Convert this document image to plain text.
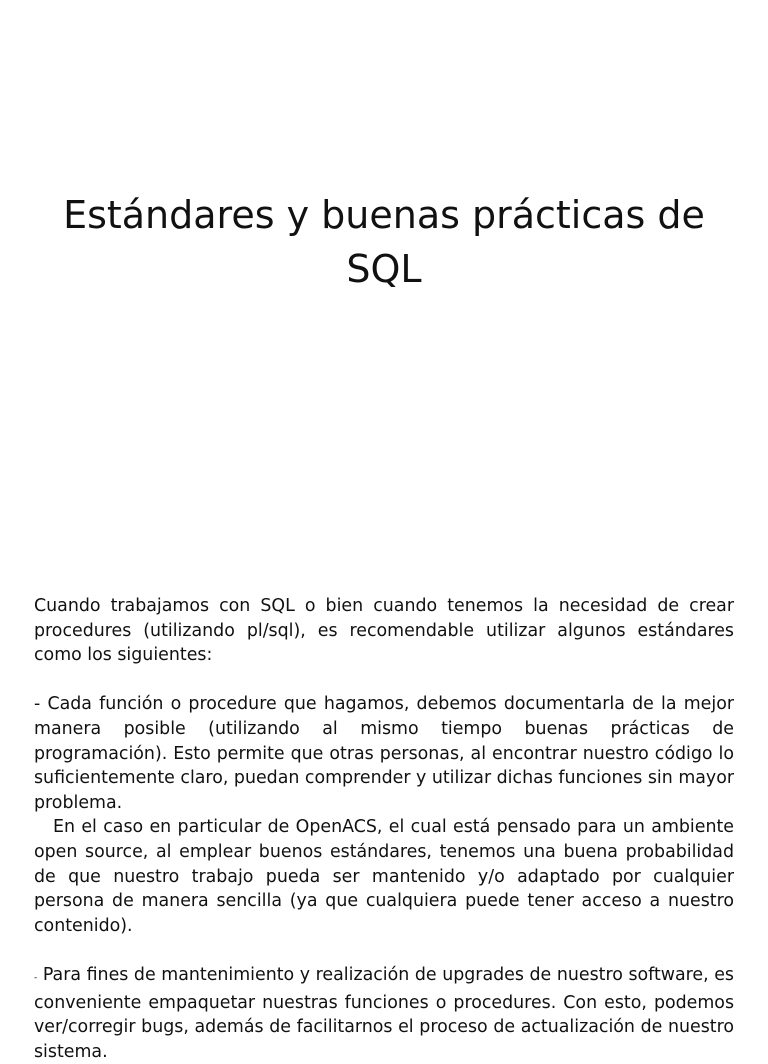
Estándares y buenas prácticas de SQL

Cuando trabajamos con SQL o bien cuando tenemos la necesidad de crear procedures (utilizando pl/sql), es recomendable utilizar algunos estándares como los siguientes:

- Cada función o procedure que hagamos, debemos documentarla de la mejor manera posible (utilizando al mismo tiempo buenas prácticas de programación). Esto permite que otras personas, al encontrar nuestro código lo suficientemente claro, puedan comprender y utilizar dichas funciones sin mayor problema.

En el caso en particular de OpenACS, el cual está pensado para un ambiente open source, al emplear buenos estándares, tenemos una buena probabilidad de que nuestro trabajo pueda ser mantenido y/o adaptado por cualquier persona de manera sencilla (ya que cualquiera puede tener acceso a nuestro contenido).

- Para fines de mantenimiento y realización de upgrades de nuestro software, es conveniente empaquetar nuestras funciones o procedures. Con esto, podemos ver/corregir bugs, además de facilitarnos el proceso de actualización de nuestro sistema.
